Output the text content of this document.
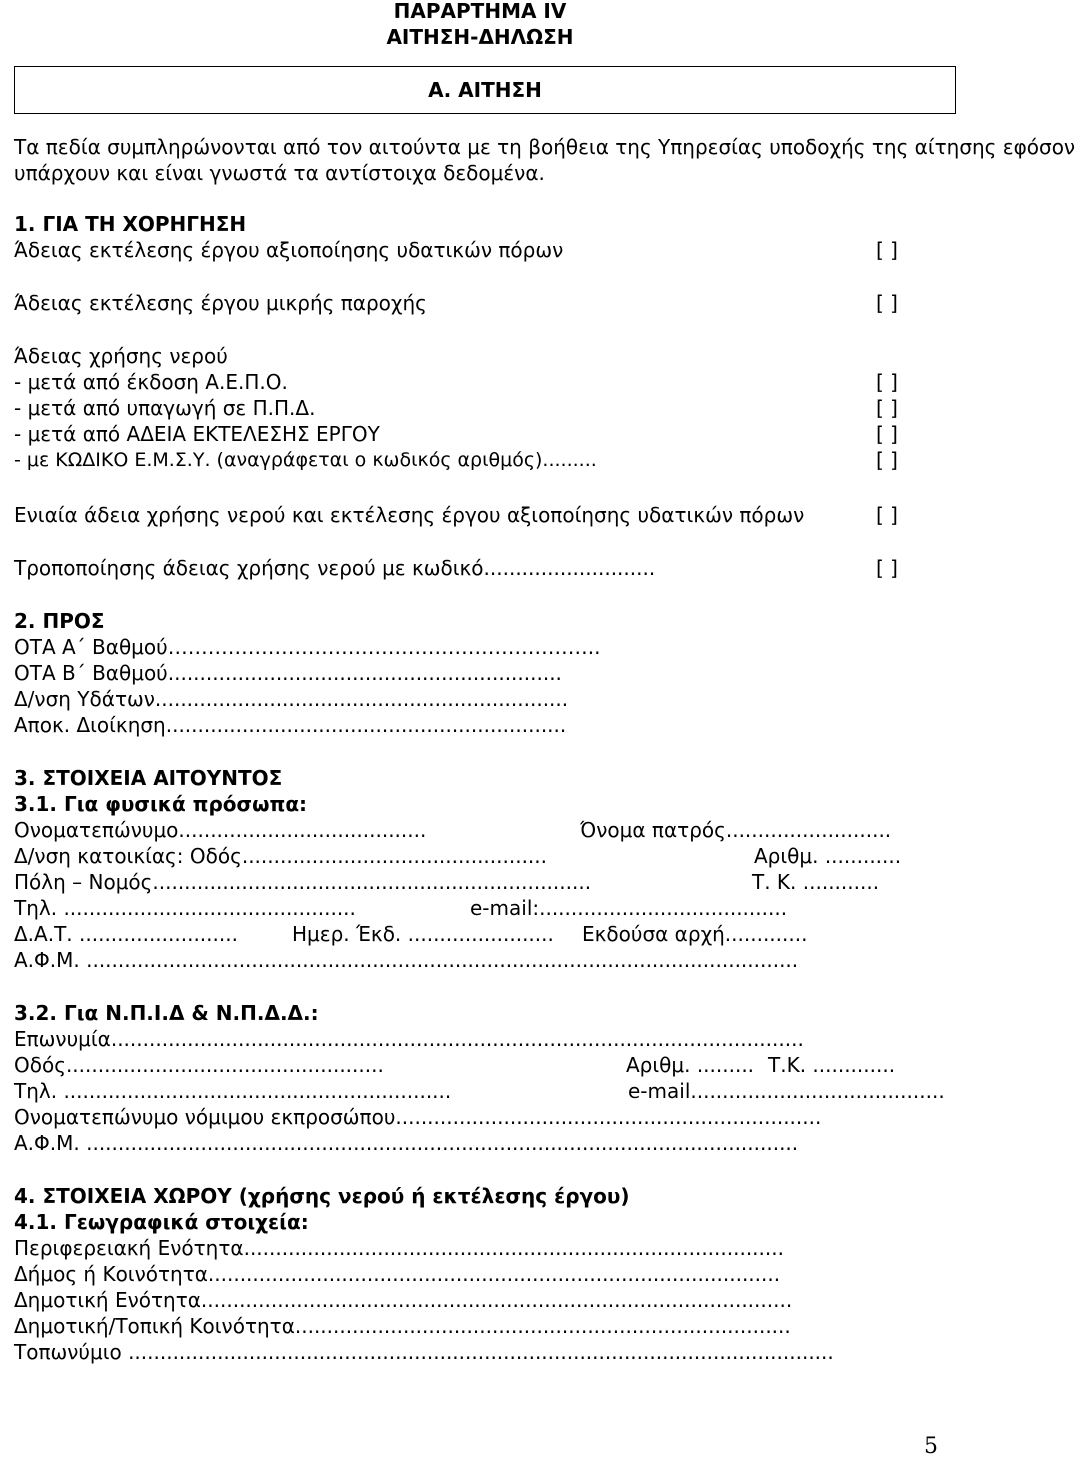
ΠΑΡΑΡΤΗΜΑ IV
ΑΙΤΗΣΗ-ΔΗΛΩΣΗ
Α. ΑΙΤΗΣΗ
Τα πεδία συμπληρώνονται από τον αιτούντα με τη βοήθεια της Υπηρεσίας υποδοχής της αίτησης εφόσον
υπάρχουν και είναι γνωστά τα αντίστοιχα δεδομένα.
1. ΓΙΑ ΤΗ ΧΟΡΗΓΗΣΗ
Άδειας εκτέλεσης έργου αξιοποίησης υδατικών πόρων	[ ]
Άδειας εκτέλεσης έργου μικρής παροχής	[ ]
Άδειας χρήσης νερού
- μετά από έκδοση Α.Ε.Π.Ο.	[ ]
- μετά από υπαγωγή σε Π.Π.Δ.	[ ]
- μετά από ΑΔΕΙΑ ΕΚΤΕΛΕΣΗΣ ΕΡΓΟΥ	[ ]
- με ΚΩΔΙΚΟ Ε.Μ.Σ.Υ. (αναγράφεται ο κωδικός αριθμός).........	[ ]
Ενιαία άδεια χρήσης νερού και εκτέλεσης έργου αξιοποίησης υδατικών πόρων	[ ]
Τροποποίησης άδειας χρήσης νερού με κωδικό...........................	[ ]
2. ΠΡΟΣ
ΟΤΑ Α΄ Βαθμού………………………………………………………..
ΟΤΑ Β΄ Βαθμού..............................................................
Δ/νση Υδάτων.................................................................
Αποκ. Διοίκηση...............................................................
3. ΣΤΟΙΧΕΙΑ ΑΙΤΟΥΝΤΟΣ
3.1. Για φυσικά πρόσωπα:
Ονοματεπώνυμο.......................................	Όνομα πατρός..........................
Δ/νση κατοικίας: Οδός................................................	Αριθμ. ............
Πόλη – Νομός.....................................................................	Τ. Κ. ............
Τηλ. ..............................................	e-mail:.......................................
Δ.Α.Τ. .........................	Ημερ. Έκδ. ....................... Εκδούσα αρχή.............
Α.Φ.Μ. ................................................................................................................
3.2. Για Ν.Π.Ι.Δ & Ν.Π.Δ.Δ.:
Επωνυμία.............................................................................................................
Οδός..................................................	Αριθμ. ......... Τ.Κ. .............
Τηλ. .............................................................	e-mail........................................
Ονοματεπώνυμο νόμιμου εκπροσώπου...................................................................
Α.Φ.Μ. ................................................................................................................
4. ΣΤΟΙΧΕΙΑ ΧΩΡΟΥ (χρήσης νερού ή εκτέλεσης έργου)
4.1. Γεωγραφικά στοιχεία:
Περιφερειακή Ενότητα.....................................................................................
Δήμος ή Κοινότητα..........................................................................................
Δημοτική Ενότητα.............................................................................................
Δημοτική/Τοπική Κοινότητα..............................................................................
Τοπωνύμιο ...............................................................................................................
5
